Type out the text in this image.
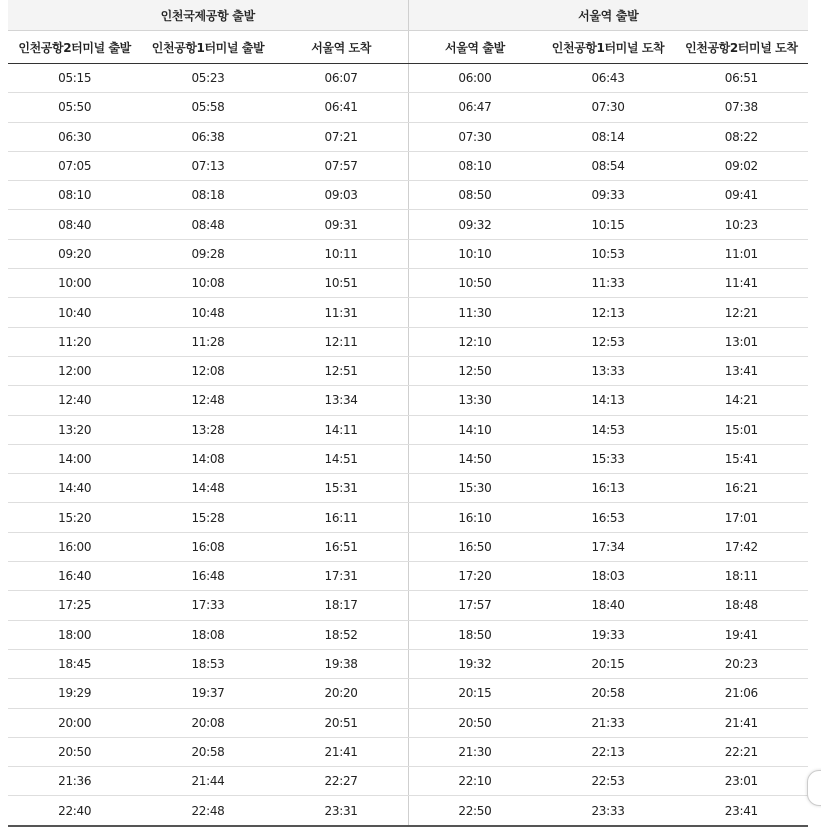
인천국제공항 출발			서울역 출발		
인천공항2터미널 출발	인천공항1터미널 출발	서울역 도착	서울역 출발	인천공항1터미널 도착	인천공항2터미널 도착
05:15	05:23	06:07	06:00	06:43	06:51
05:50	05:58	06:41	06:47	07:30	07:38
06:30	06:38	07:21	07:30	08:14	08:22
07:05	07:13	07:57	08:10	08:54	09:02
08:10	08:18	09:03	08:50	09:33	09:41
08:40	08:48	09:31	09:32	10:15	10:23
09:20	09:28	10:11	10:10	10:53	11:01
10:00	10:08	10:51	10:50	11:33	11:41
10:40	10:48	11:31	11:30	12:13	12:21
11:20	11:28	12:11	12:10	12:53	13:01
12:00	12:08	12:51	12:50	13:33	13:41
12:40	12:48	13:34	13:30	14:13	14:21
13:20	13:28	14:11	14:10	14:53	15:01
14:00	14:08	14:51	14:50	15:33	15:41
14:40	14:48	15:31	15:30	16:13	16:21
15:20	15:28	16:11	16:10	16:53	17:01
16:00	16:08	16:51	16:50	17:34	17:42
16:40	16:48	17:31	17:20	18:03	18:11
17:25	17:33	18:17	17:57	18:40	18:48
18:00	18:08	18:52	18:50	19:33	19:41
18:45	18:53	19:38	19:32	20:15	20:23
19:29	19:37	20:20	20:15	20:58	21:06
20:00	20:08	20:51	20:50	21:33	21:41
20:50	20:58	21:41	21:30	22:13	22:21
21:36	21:44	22:27	22:10	22:53	23:01
22:40	22:48	23:31	22:50	23:33	23:41
